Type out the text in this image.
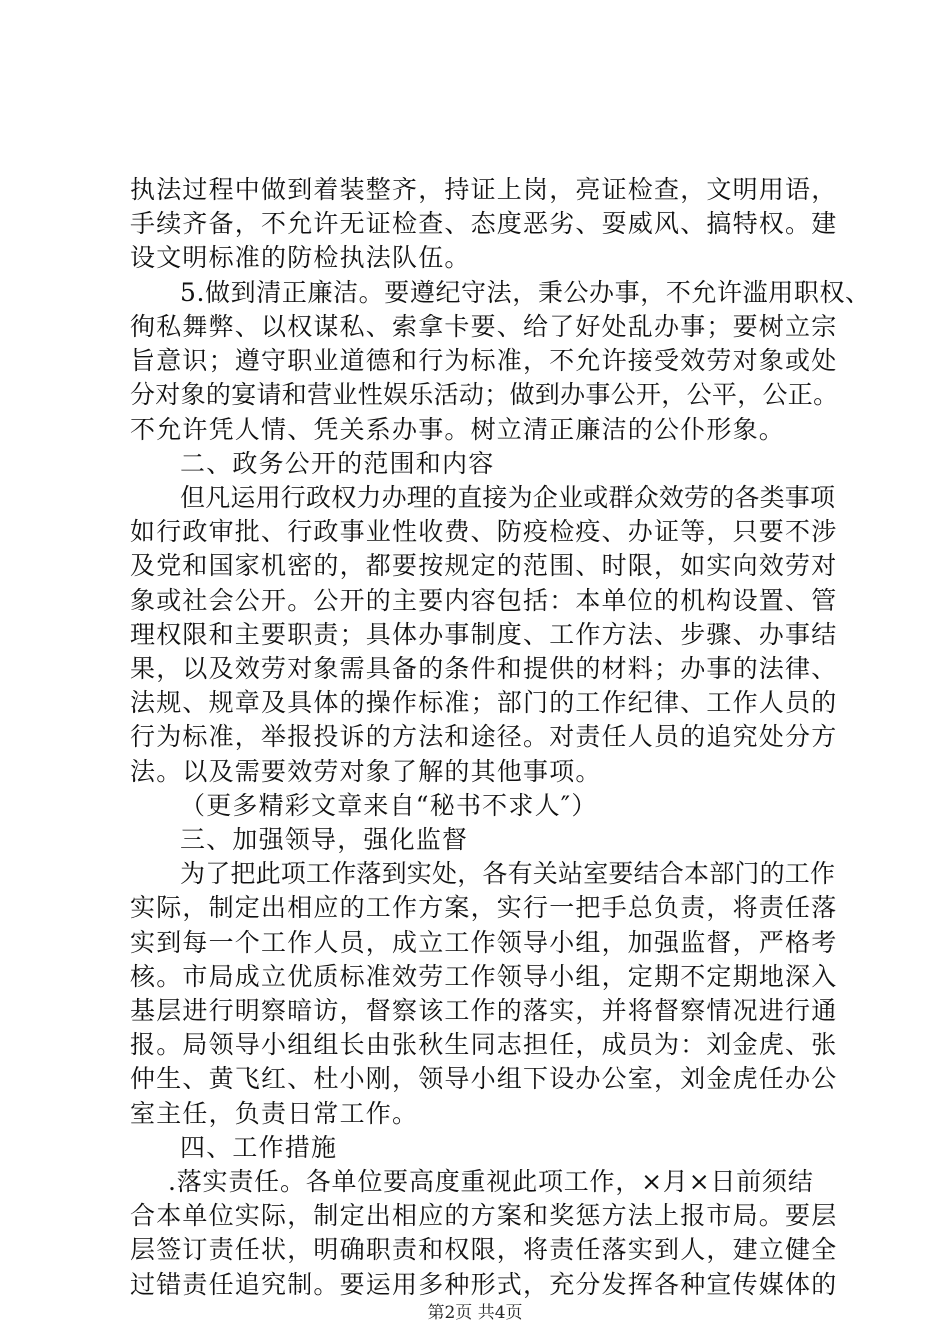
执法过程中做到着装整齐，持证上岗，亮证检查，文明用语，
手续齐备，不允许无证检查、态度恶劣、耍威风、搞特权。建
设文明标准的防检执法队伍。
5.做到清正廉洁。要遵纪守法，秉公办事，不允许滥用职权、
徇私舞弊、以权谋私、索拿卡要、给了好处乱办事；要树立宗
旨意识；遵守职业道德和行为标准，不允许接受效劳对象或处
分对象的宴请和营业性娱乐活动；做到办事公开，公平，公正。
不允许凭人情、凭关系办事。树立清正廉洁的公仆形象。
二、政务公开的范围和内容
但凡运用行政权力办理的直接为企业或群众效劳的各类事项
如行政审批、行政事业性收费、防疫检疫、办证等，只要不涉
及党和国家机密的，都要按规定的范围、时限，如实向效劳对
象或社会公开。公开的主要内容包括：本单位的机构设置、管
理权限和主要职责；具体办事制度、工作方法、步骤、办事结
果，以及效劳对象需具备的条件和提供的材料；办事的法律、
法规、规章及具体的操作标准；部门的工作纪律、工作人员的
行为标准，举报投诉的方法和途径。对责任人员的追究处分方
法。以及需要效劳对象了解的其他事项。
（更多精彩文章来自“秘书不求人″）
三、加强领导，强化监督
为了把此项工作落到实处，各有关站室要结合本部门的工作
实际，制定出相应的工作方案，实行一把手总负责，将责任落
实到每一个工作人员，成立工作领导小组，加强监督，严格考
核。市局成立优质标准效劳工作领导小组，定期不定期地深入
基层进行明察暗访，督察该工作的落实，并将督察情况进行通
报。局领导小组组长由张秋生同志担任，成员为：刘金虎、张
仲生、黄飞红、杜小刚，领导小组下设办公室，刘金虎任办公
室主任，负责日常工作。
四、工作措施
.落实责任。各单位要高度重视此项工作，×月×日前须结
合本单位实际，制定出相应的方案和奖惩方法上报市局。要层
层签订责任状，明确职责和权限，将责任落实到人，建立健全
过错责任追究制。要运用多种形式，充分发挥各种宣传媒体的
第2页 共4页
